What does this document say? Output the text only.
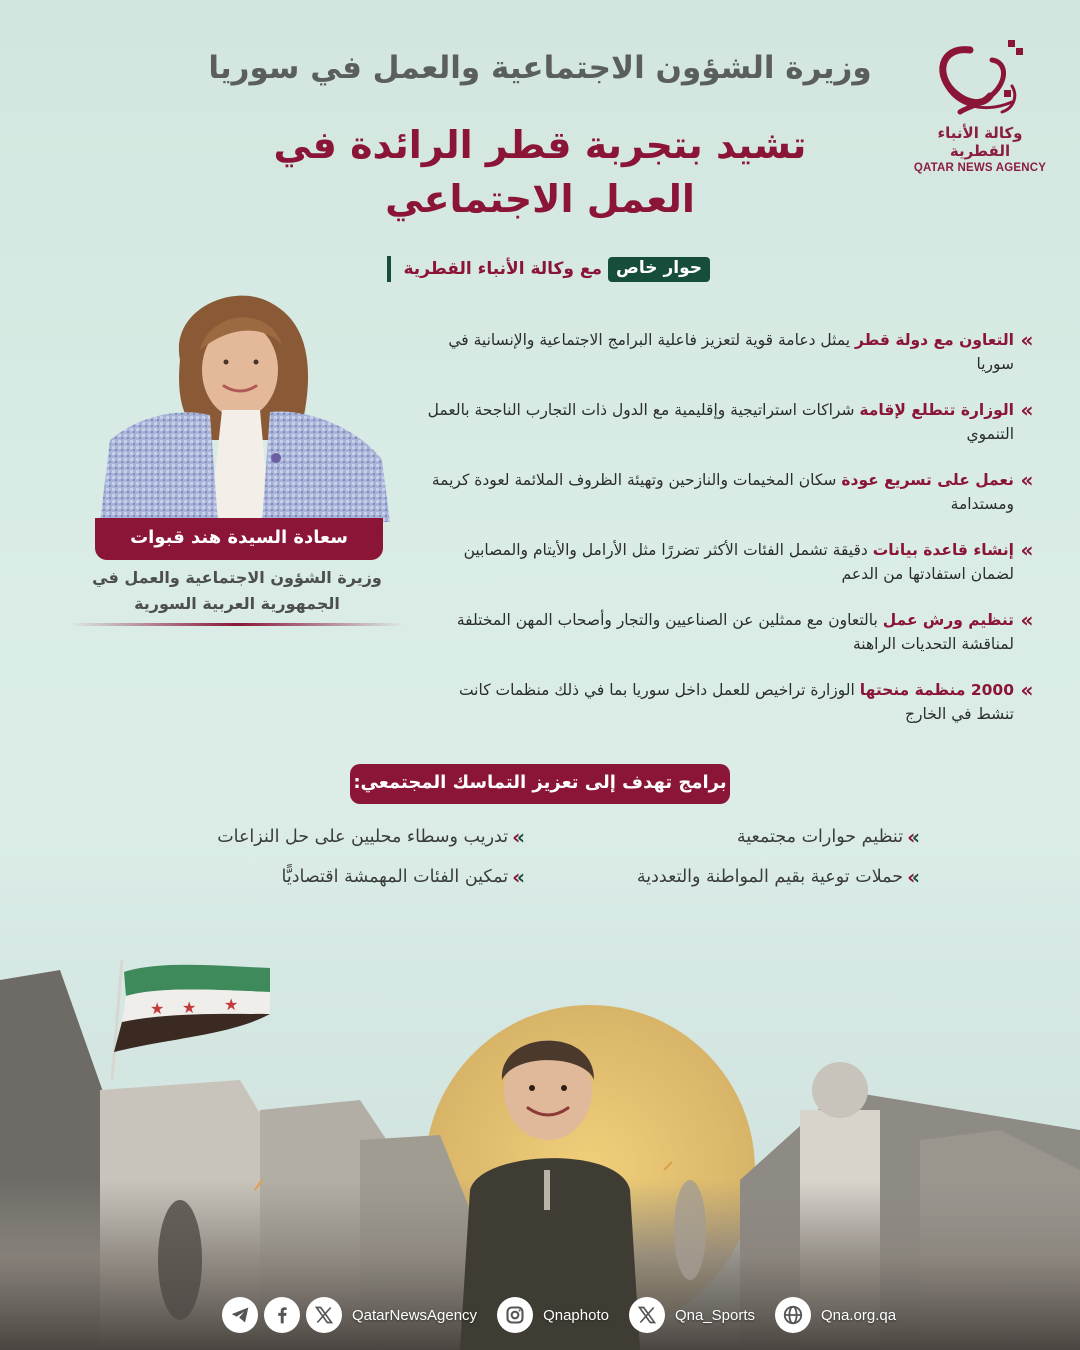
وكالة الأنباء القطرية
QATAR NEWS AGENCY
وزيرة الشؤون الاجتماعية والعمل في سوريا
تشيد بتجربة قطر الرائدة في
العمل الاجتماعي
حوار خاص
مع وكالة الأنباء القطرية
سعادة السيدة هند قبوات
وزيرة الشؤون الاجتماعية والعمل في
الجمهورية العربية السورية
»
التعاون مع دولة قطر يمثل دعامة قوية لتعزيز فاعلية البرامج الاجتماعية والإنسانية في سوريا
»
الوزارة تتطلع لإقامة شراكات استراتيجية وإقليمية مع الدول ذات التجارب الناجحة بالعمل التنموي
»
نعمل على تسريع عودة سكان المخيمات والنازحين وتهيئة الظروف الملائمة لعودة كريمة ومستدامة
»
إنشاء قاعدة بيانات دقيقة تشمل الفئات الأكثر تضررًا مثل الأرامل والأيتام والمصابين لضمان استفادتها من الدعم
»
تنظيم ورش عمل بالتعاون مع ممثلين عن الصناعيين والتجار وأصحاب المهن المختلفة لمناقشة التحديات الراهنة
»
2000 منظمة منحتها الوزارة تراخيص للعمل داخل سوريا بما في ذلك منظمات كانت تنشط في الخارج
برامج تهدف إلى تعزيز التماسك المجتمعي:
»
تنظيم حوارات مجتمعية
»
تدريب وسطاء محليين على حل النزاعات
»
حملات توعية بقيم المواطنة والتعددية
»
تمكين الفئات المهمشة اقتصاديًّا
★ ★ ★
QatarNewsAgency	Qnaphoto	Qna_Sports	Qna.org.qa
